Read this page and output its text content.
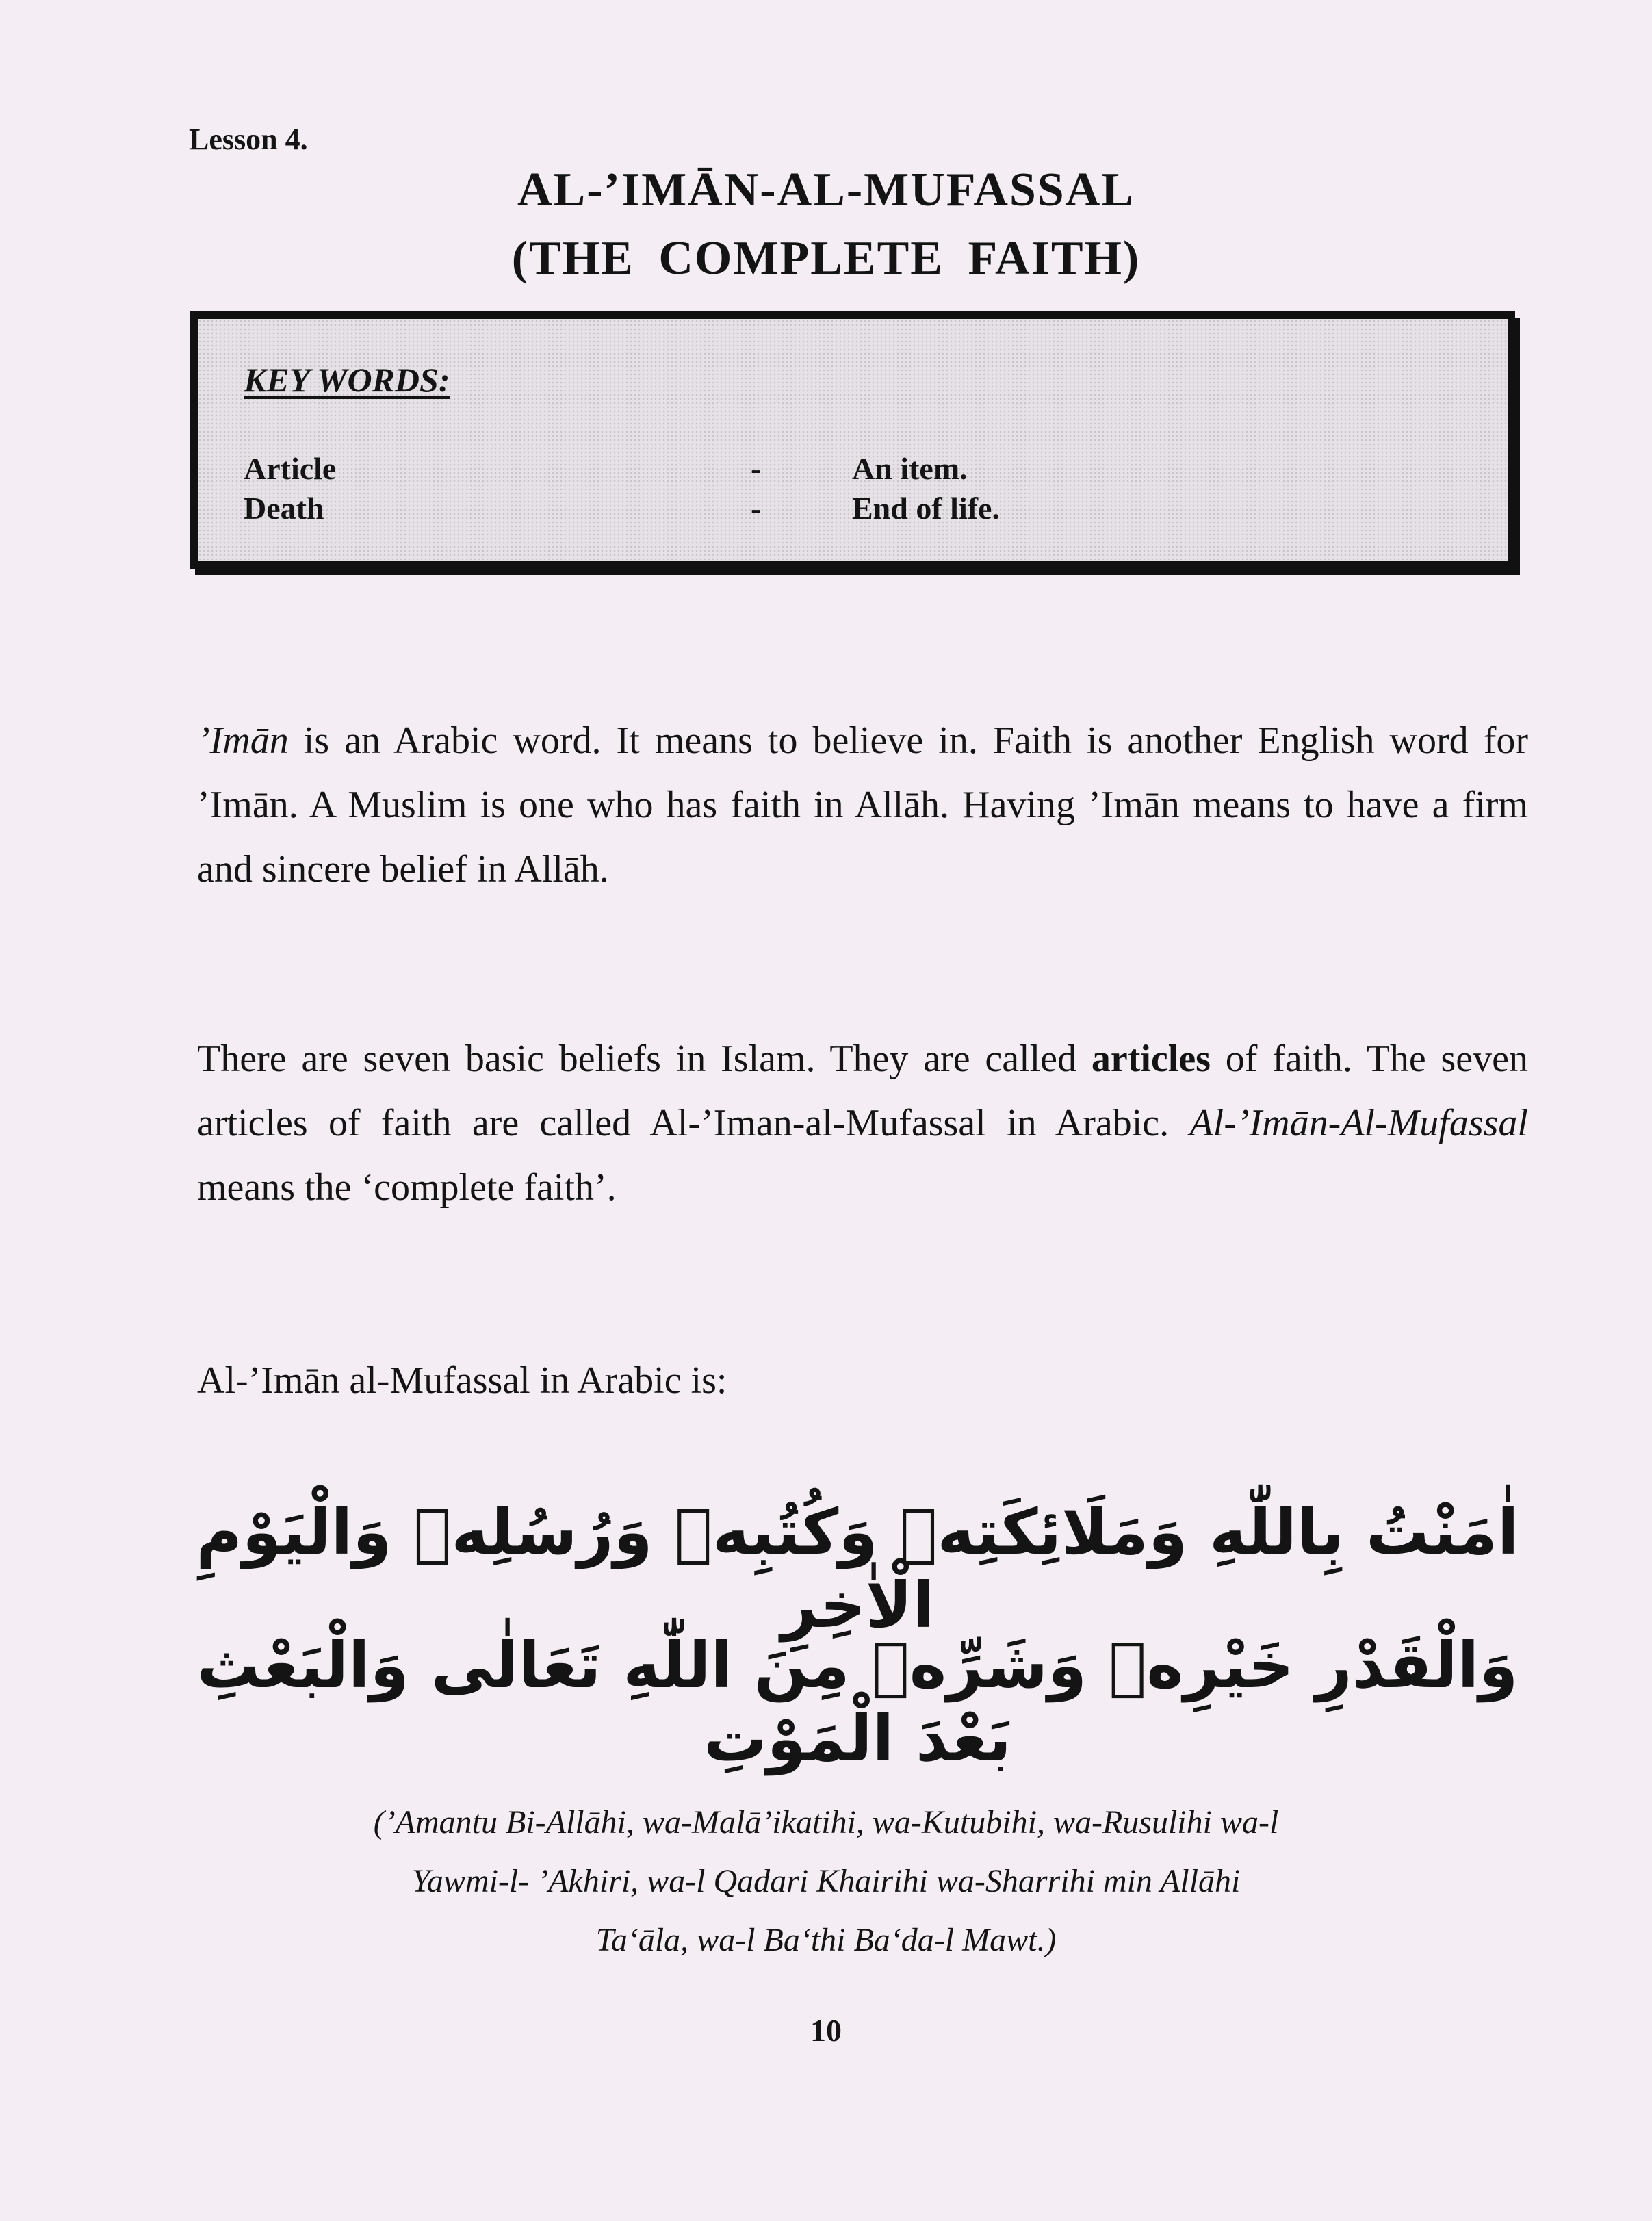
Lesson 4.
AL-’IMĀN-AL-MUFASSAL
(THE COMPLETE FAITH)
KEY WORDS:
Article	-	An item.
Death	-	End of life.

’Imān is an Arabic word. It means to believe in. Faith is another English word for ’Imān. A Muslim is one who has faith in Allāh. Having ’Imān means to have a firm and sincere belief in Allāh.

There are seven basic beliefs in Islam. They are called articles of faith. The seven articles of faith are called Al-’Iman-al-Mufassal in Arabic. Al-’Imān-Al-Mufassal means the ‘complete faith’.

Al-’Imān al-Mufassal in Arabic is:

اٰمَنْتُ بِاللّٰهِ وَمَلَائِكَتِهٖ وَكُتُبِهٖ وَرُسُلِهٖ وَالْيَوْمِ الْاٰخِرِ
وَالْقَدْرِ خَيْرِهٖ وَشَرِّهٖ مِنَ اللّٰهِ تَعَالٰى وَالْبَعْثِ بَعْدَ الْمَوْتِ
(’Amantu Bi-Allāhi, wa-Malā’ikatihi, wa-Kutubihi, wa-Rusulihi wa-l
Yawmi-l- ’Akhiri, wa-l Qadari Khairihi wa-Sharrihi min Allāhi
Ta‘āla, wa-l Ba‘thi Ba‘da-l Mawt.)
10
